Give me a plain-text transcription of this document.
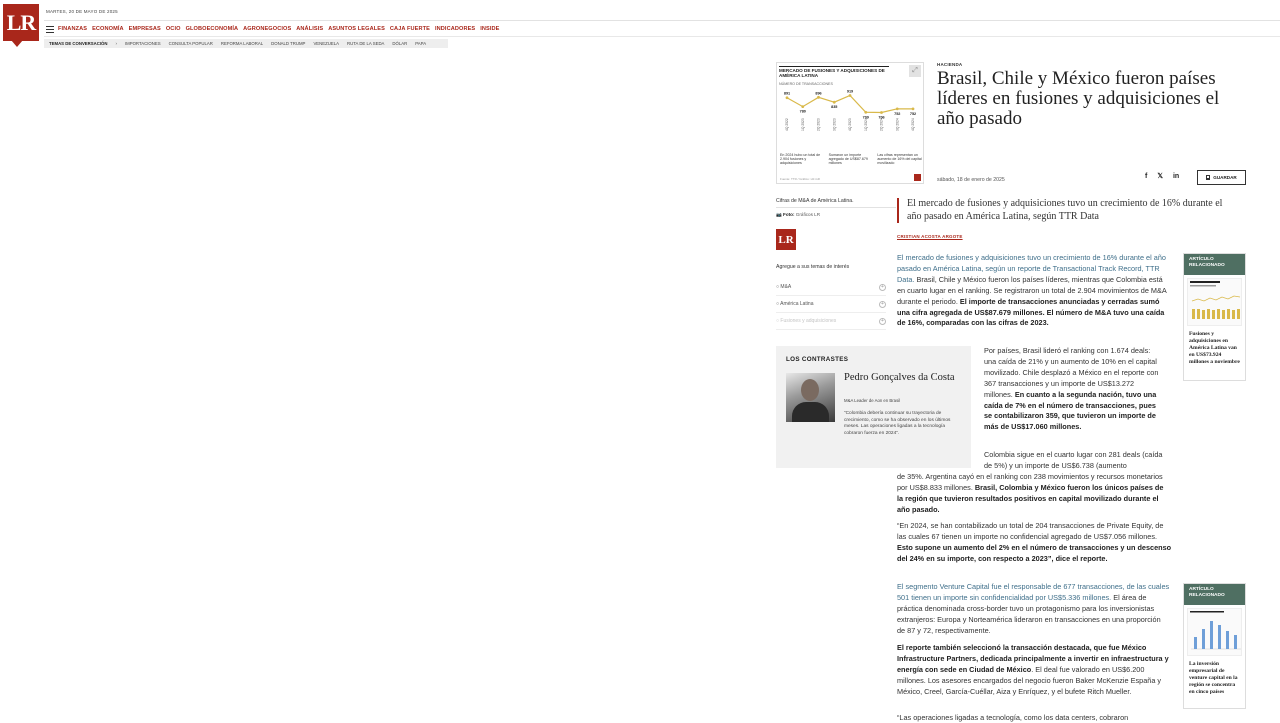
LR	MARTES, 20 DE MAYO DE 2025
FINANZAS ECONOMÍA EMPRESAS OCIO GLOBOECONOMÍA AGRONEGOCIOS ANÁLISIS ASUNTOS LEGALES CAJA FUERTE INDICADORES INSIDE
TEMAS DE CONVERSACIÓN › IMPORTACIONES CONSULTA POPULAR REFORMA LABORAL DONALD TRUMP VENEZUELA RUTA DE LA SEDA DÓLAR PAPA
MERCADO DE FUSIONES Y ADQUISICIONES DE AMÉRICA LATINA
NÚMERO DE TRANSACCIONES
⤢
891
4Q 2022
780
1Q 2023
896
2Q 2023
835
3Q 2023
919
4Q 2023
709
1Q 2024
706
2Q 2024
752
3Q 2024
752
4Q 2024
En 2024 hubo un total de 2.904 fusiones y adquisiciones
Sumaron un importe agregado de US$87.679 millones
Las cifras representan un aumento de 16% del capital movilizado
Fuente: TTR / Gráfico: LR-GR
Cifras de M&A de América Latina.
📷 Foto: Gráficos LR
LR
Agregue a sus temas de interés
○ M&A	+
○ América Latina	+
○ Fusiones y adquisiciones	+
LOS CONTRASTES
Pedro Gonçalves da Costa
M&A Leader de Aon en Brasil
“Colombia debería continuar su trayectoria de crecimiento, como se ha observado en los últimos meses. Las operaciones ligadas a la tecnología cobraron fuerza en 2024”.
HACIENDA
Brasil, Chile y México fueron países líderes en fusiones y adquisiciones el año pasado
sábado, 18 de enero de 2025
f 𝕏 in	GUARDAR
El mercado de fusiones y adquisiciones tuvo un crecimiento de 16% durante el año pasado en América Latina, según TTR Data
CRISTIAN ACOSTA ARGOTE
El mercado de fusiones y adquisiciones tuvo un crecimiento de 16% durante el año pasado en América Latina, según un reporte de Transactional Track Record, TTR Data. Brasil, Chile y México fueron los países líderes, mientras que Colombia está en cuarto lugar en el ranking. Se registraron un total de 2.904 movimientos de M&A durante el periodo. El importe de transacciones anunciadas y cerradas sumó una cifra agregada de US$87.679 millones. El número de M&A tuvo una caída de 16%, comparadas con las cifras de 2023.
Por países, Brasil lideró el ranking con 1.674 deals: una caída de 21% y un aumento de 10% en el capital movilizado. Chile desplazó a México en el reporte con 367 transacciones y un importe de US$13.272 millones. En cuanto a la segunda nación, tuvo una caída de 7% en el número de transacciones, pues se contabilizaron 359, que tuvieron un importe de más de US$17.060 millones.
Colombia sigue en el cuarto lugar con 281 deals (caída de 5%) y un importe de US$6.738 (aumento
de 35%. Argentina cayó en el ranking con 238 movimientos y recursos monetarios por US$8.833 millones. Brasil, Colombia y México fueron los únicos países de la región que tuvieron resultados positivos en capital movilizado durante el año pasado.
“En 2024, se han contabilizado un total de 204 transacciones de Private Equity, de las cuales 67 tienen un importe no confidencial agregado de US$7.056 millones. Esto supone un aumento del 2% en el número de transacciones y un descenso del 24% en su importe, con respecto a 2023”, dice el reporte.
El segmento Venture Capital fue el responsable de 677 transacciones, de las cuales 501 tienen un importe sin confidencialidad por US$5.336 millones. El área de práctica denominada cross-border tuvo un protagonismo para los inversionistas extranjeros: Europa y Norteamérica lideraron en transacciones en una proporción de 87 y 72, respectivamente.
El reporte también seleccionó la transacción destacada, que fue México Infrastructure Partners, dedicada principalmente a invertir en infraestructura y energía con sede en Ciudad de México. El deal fue valorado en US$6.200 millones. Los asesores encargados del negocio fueron Baker McKenzie España y México, Creel, García-Cuéllar, Aiza y Enríquez, y el bufete Ritch Mueller.
“Las operaciones ligadas a tecnología, como los data centers, cobraron
ARTÍCULO RELACIONADO
Fusiones y adquisiciones en América Latina van en US$73.924 millones a noviembre
ARTÍCULO RELACIONADO
La inversión empresarial de venture capital en la región se concentra en cinco países
